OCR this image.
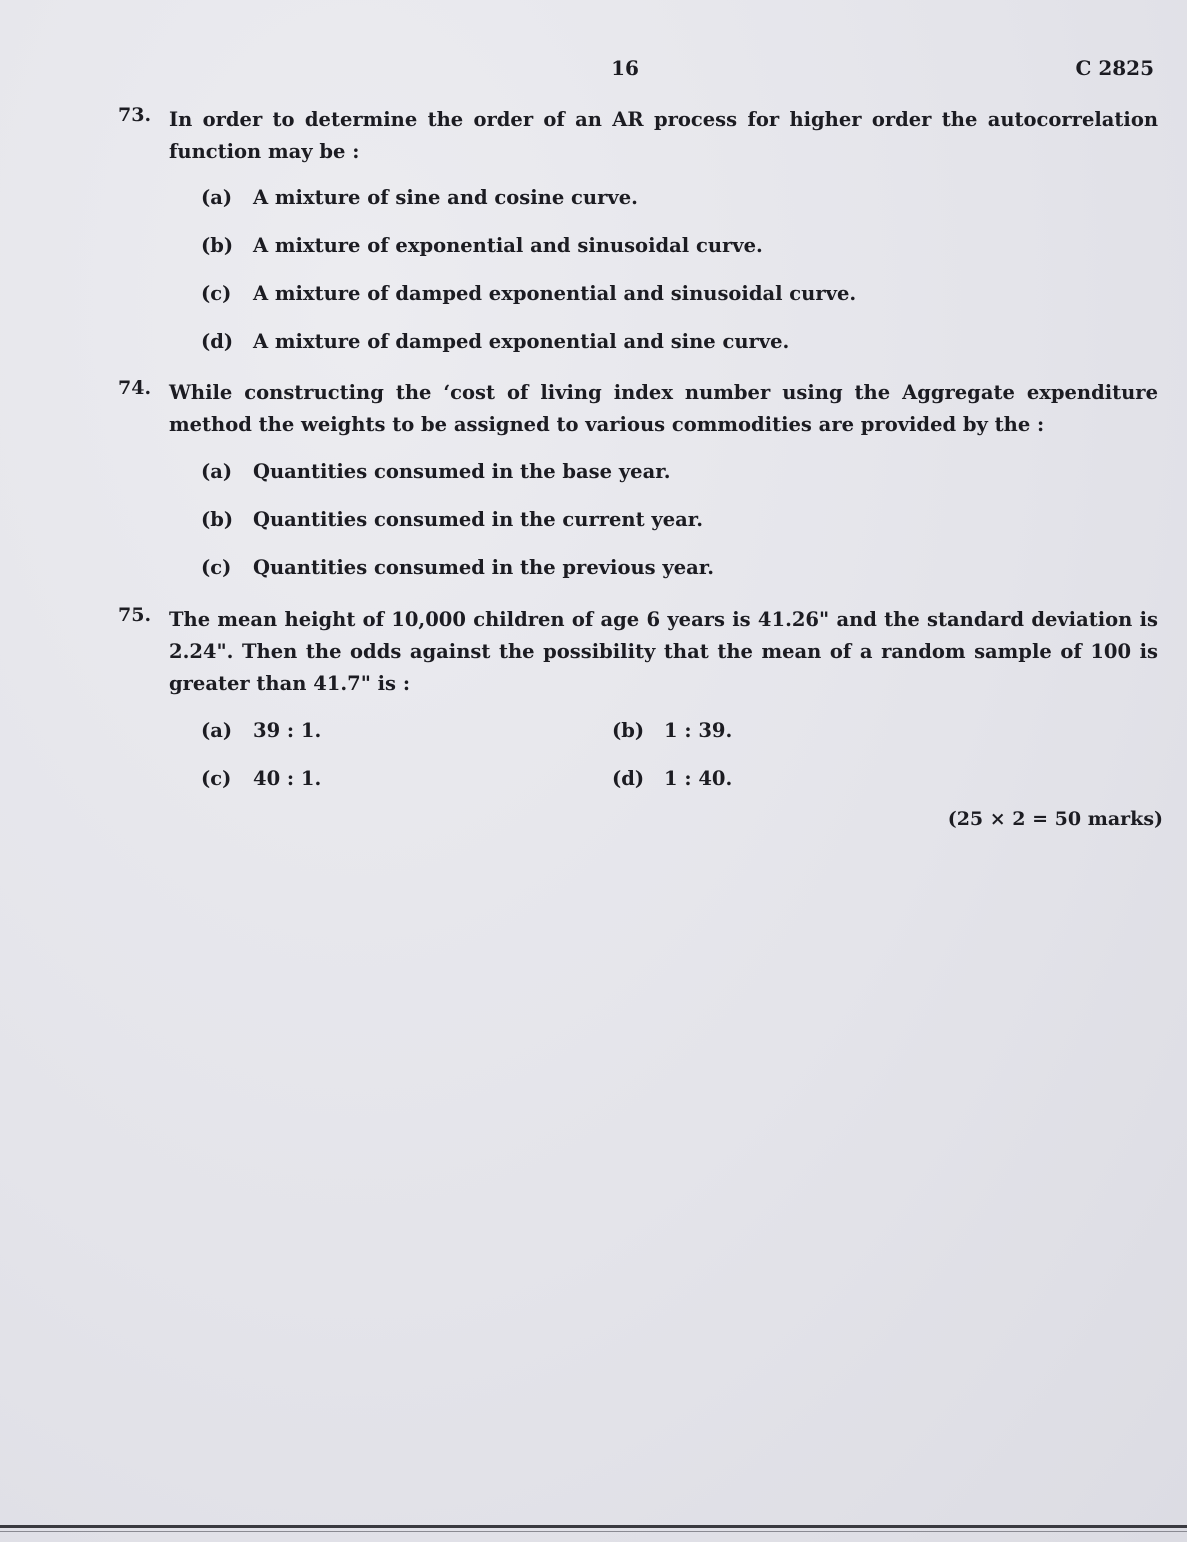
16	C 2825
73. In order to determine the order of an AR process for higher order the autocorrelation function may be :
(a) A mixture of sine and cosine curve.
(b) A mixture of exponential and sinusoidal curve.
(c) A mixture of damped exponential and sinusoidal curve.
(d) A mixture of damped exponential and sine curve.
74. While constructing the ‘cost of living index number using the Aggregate expenditure method the weights to be assigned to various commodities are provided by the :
(a) Quantities consumed in the base year.
(b) Quantities consumed in the current year.
(c) Quantities consumed in the previous year.
75. The mean height of 10,000 children of age 6 years is 41.26" and the standard deviation is 2.24". Then the odds against the possibility that the mean of a random sample of 100 is greater than 41.7" is :
(a) 39 : 1.	(b) 1 : 39.
(c) 40 : 1.	(d) 1 : 40.
(25 × 2 = 50 marks)
